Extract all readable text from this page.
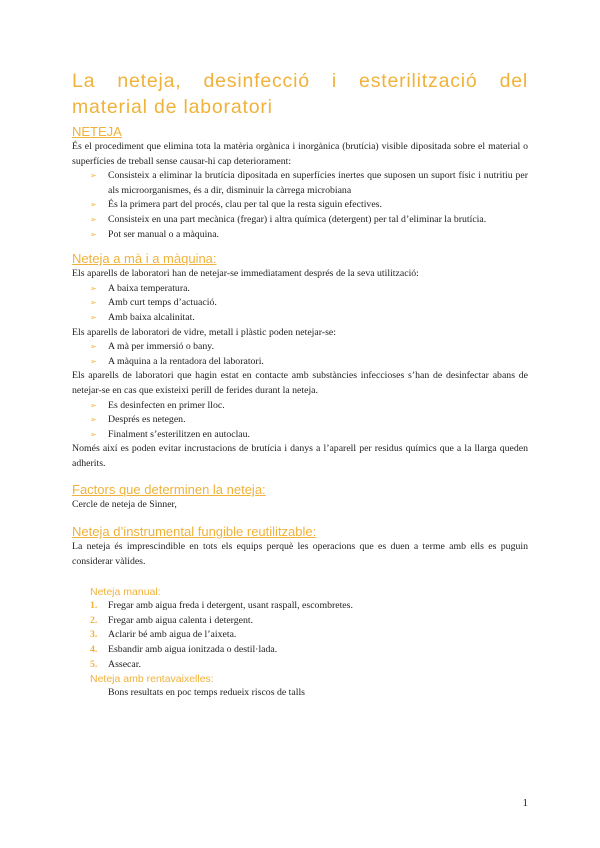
La neteja, desinfecció i esterilització del material de laboratori
NETEJA

És el procediment que elimina tota la matèria orgànica i inorgànica (brutícia) visible dipositada sobre el material o superfícies de treball sense causar-hi cap deteriorament:

➢ Consisteix a eliminar la brutícia dipositada en superfícies inertes que suposen un suport físic i nutritiu per als microorganismes, és a dir, disminuir la càrrega microbiana
➢ És la primera part del procés, clau per tal que la resta siguin efectives.
➢ Consisteix en una part mecànica (fregar) i altra química (detergent) per tal d’eliminar la brutícia.
➢ Pot ser manual o a màquina.
Neteja a mà i a màquina:

Els aparells de laboratori han de netejar-se immediatament després de la seva utilització:

➢ A baixa temperatura.
➢ Amb curt temps d’actuació.
➢ Amb baixa alcalinitat.

Els aparells de laboratori de vidre, metall i plàstic poden netejar-se:

➢ A mà per immersió o bany.
➢ A màquina a la rentadora del laboratori.

Els aparells de laboratori que hagin estat en contacte amb substàncies infeccioses s’han de desinfectar abans de netejar-se en cas que existeixi perill de ferides durant la neteja.

➢ Es desinfecten en primer lloc.
➢ Després es netegen.
➢ Finalment s’esterilitzen en autoclau.

Només així es poden evitar incrustacions de brutícia i danys a l’aparell per residus químics que a la llarga queden adherits.

Factors que determinen la neteja:

Cercle de neteja de Sinner,

Neteja d’instrumental fungible reutilitzable:

La neteja és imprescindible en tots els equips perquè les operacions que es duen a terme amb ells es puguin considerar vàlides.

Neteja manual:
1. Fregar amb aigua freda i detergent, usant raspall, escombretes.
2. Fregar amb aigua calenta i detergent.
3. Aclarir bé amb aigua de l’aixeta.
4. Esbandir amb aigua ionitzada o destil·lada.
5. Assecar.
Neteja amb rentavaixelles:
Bons resultats en poc temps redueix riscos de talls
1
